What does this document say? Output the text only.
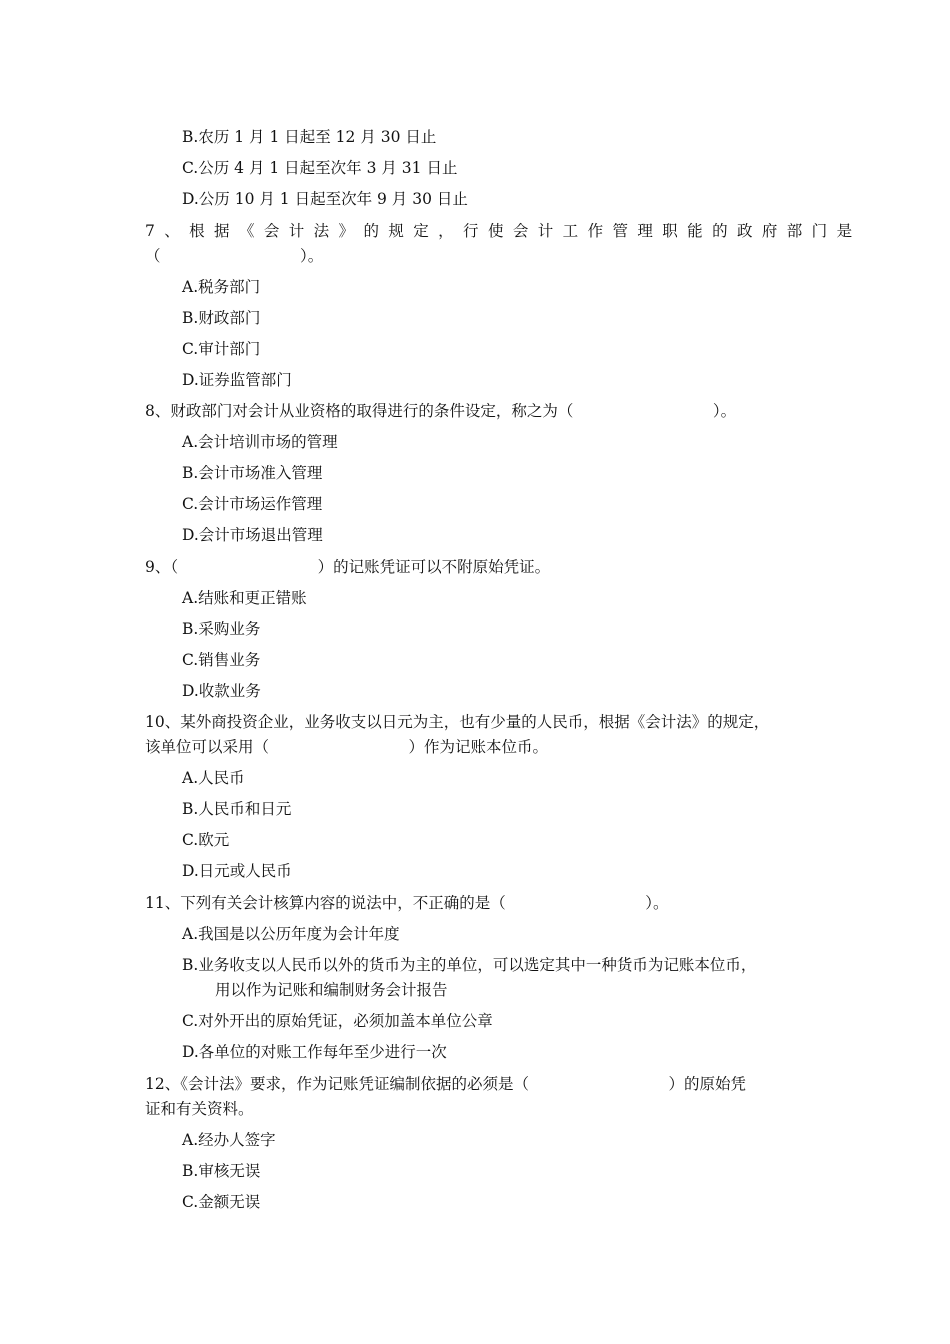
B.农历 1 月 1 日起至 12 月 30 日止
C.公历 4 月 1 日起至次年 3 月 31 日止
D.公历 10 月 1 日起至次年 9 月 30 日止
7、根据《会计法》的规定，行使会计工作管理职能的政府部门是
（　　　　　　　　　）。
A.税务部门
B.财政部门
C.审计部门
D.证券监管部门
8、财政部门对会计从业资格的取得进行的条件设定，称之为（　　　　　　　　　）。
A.会计培训市场的管理
B.会计市场准入管理
C.会计市场运作管理
D.会计市场退出管理
9、（　　　　　　　　　）的记账凭证可以不附原始凭证。
A.结账和更正错账
B.采购业务
C.销售业务
D.收款业务
10、某外商投资企业，业务收支以日元为主，也有少量的人民币，根据《会计法》的规定，
该单位可以采用（　　　　　　　　　）作为记账本位币。
A.人民币
B.人民币和日元
C.欧元
D.日元或人民币
11、下列有关会计核算内容的说法中，不正确的是（　　　　　　　　　）。
A.我国是以公历年度为会计年度
B.业务收支以人民币以外的货币为主的单位，可以选定其中一种货币为记账本位币，
用以作为记账和编制财务会计报告
C.对外开出的原始凭证，必须加盖本单位公章
D.各单位的对账工作每年至少进行一次
12、《会计法》要求，作为记账凭证编制依据的必须是（　　　　　　　　　）的原始凭
证和有关资料。
A.经办人签字
B.审核无误
C.金额无误
